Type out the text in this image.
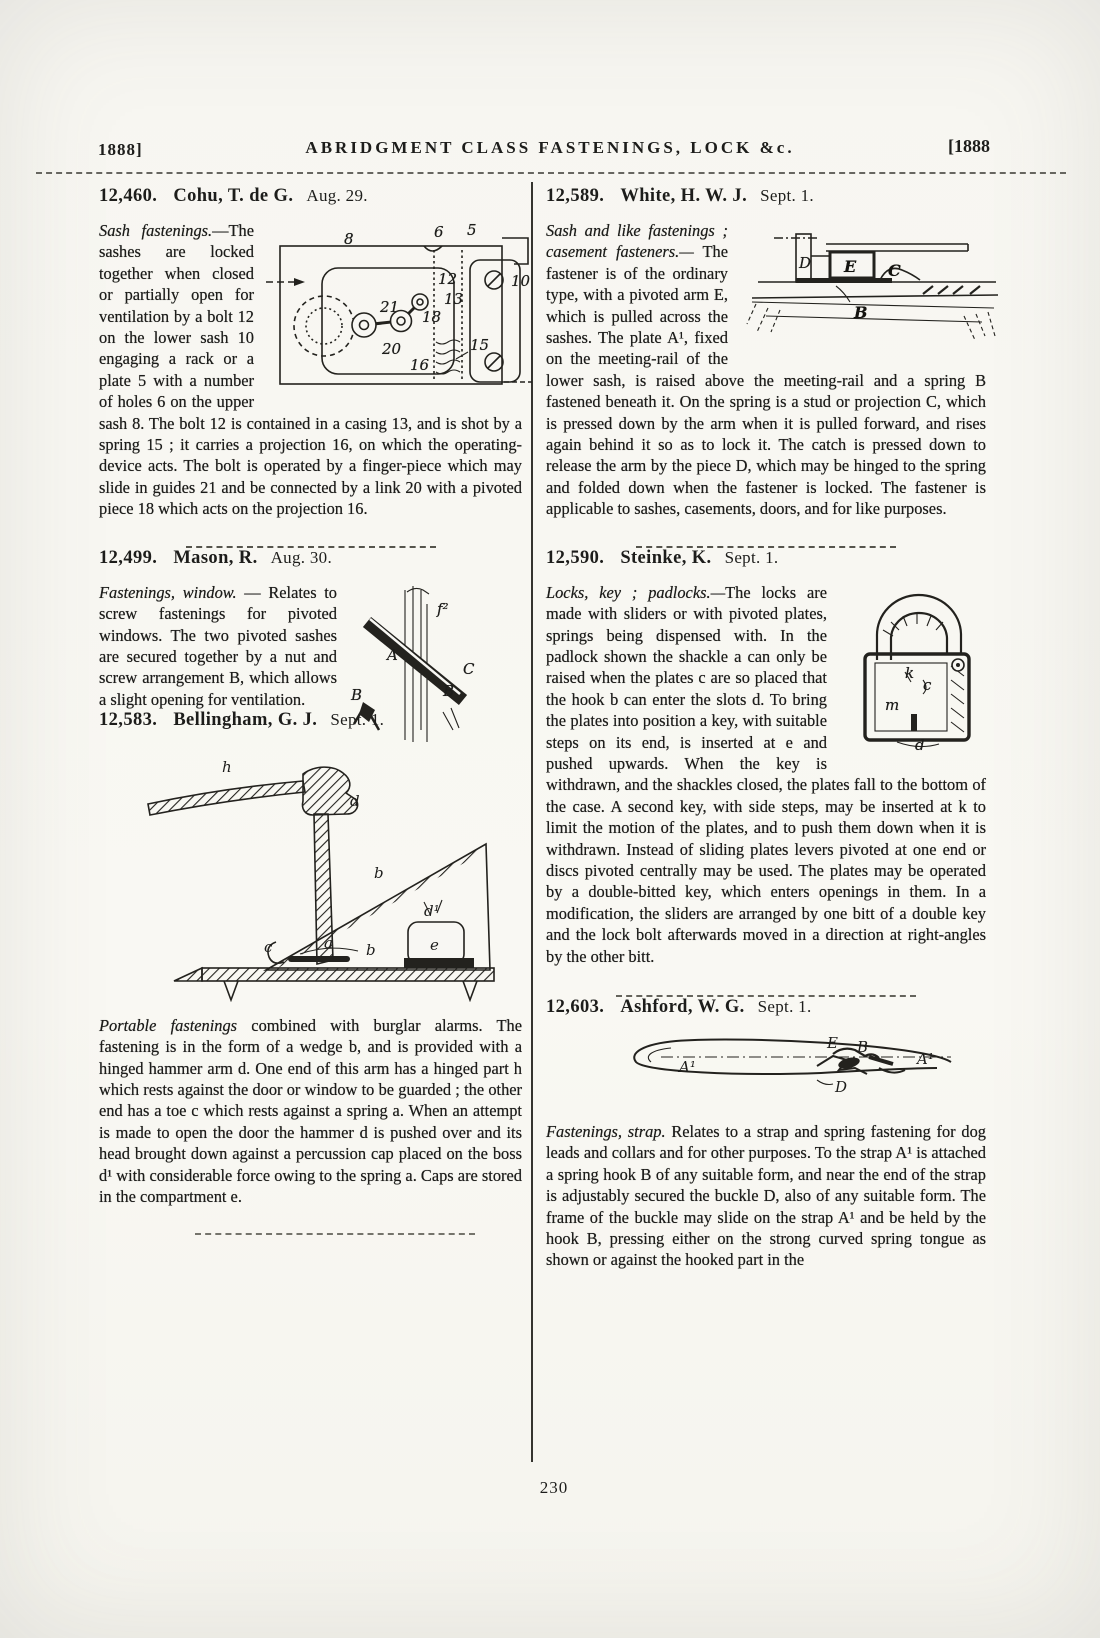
1888]	ABRIDGMENT CLASS FASTENINGS, LOCK &c.	[1888
12,460. Cohu, T. de G. Aug. 29.

8	6 5
12
13
10
21
18
20
16
15
Sash fastenings.—The sashes are locked together when closed or partially open for ventilation by a bolt 12 on the lower sash 10 engaging a rack or a plate 5 with a number of holes 6 on the upper sash 8. The bolt 12 is contained in a casing 13, and is shot by a spring 15 ; it carries a projection 16, on which the operating-device acts. The bolt is operated by a finger-piece which may slide in guides 21 and be connected by a link 20 with a pivoted piece 18 which acts on the projection 16.

12,499. Mason, R. Aug. 30.

f²
A
C
B
B
Fastenings, window. — Relates to screw fastenings for pivoted windows. The two pivoted sashes are secured together by a nut and screw arrangement B, which allows a slight opening for ventilation.

12,583. Bellingham, G. J. Sept. 1.
h
d
b
c	a b
d¹
e

Portable fastenings combined with burglar alarms. The fastening is in the form of a wedge b, and is provided with a hinged hammer arm d. One end of this arm has a hinged part h which rests against the door or window to be guarded ; the other end has a toe c which rests against a spring a. When an attempt is made to open the door the hammer d is pushed over and its head brought down against a percussion cap placed on the boss d¹ with considerable force owing to the spring a. Caps are stored in the compartment e.

12,589. White, H. W. J. Sept. 1.

D E C
B
Sash and like fastenings ; casement fasteners.— The fastener is of the ordinary type, with a pivoted arm E, which is pulled across the sashes. The plate A¹, fixed on the meeting-rail of the lower sash, is raised above the meeting-rail and a spring B fastened beneath it. On the spring is a stud or projection C, which is pressed down by the arm when it is pulled forward, and rises again behind it so as to lock it. The catch is pressed down to release the arm by the piece D, which may be hinged to the spring and folded down when the fastener is locked. The fastener is applicable to sashes, casements, doors, and for like purposes.

12,590. Steinke, K. Sept. 1.

k
c
m
d
Locks, key ; padlocks.—The locks are made with sliders or with pivoted plates, springs being dispensed with. In the padlock shown the shackle a can only be raised when the plates c are so placed that the hook b can enter the slots d. To bring the plates into position a key, with suitable steps on its end, is inserted at e and pushed upwards. When the key is withdrawn, and the shackles closed, the plates fall to the bottom of the case. A second key, with side steps, may be inserted at k to limit the motion of the plates, and to push them down when it is withdrawn. Instead of sliding plates levers pivoted at one end or discs pivoted centrally may be used. The plates may be operated by a double-bitted key, which enters openings in them. In a modification, the sliders are arranged by one bitt of a double key and the lock bolt afterwards moved in a direction at right-angles by the other bitt.

12,603. Ashford, W. G. Sept. 1.
A¹
E B
A¹
D

Fastenings, strap. Relates to a strap and spring fastening for dog leads and collars and for other purposes. To the strap A¹ is attached a spring hook B of any suitable form, and near the end of the strap is adjustably secured the buckle D, also of any suitable form. The frame of the buckle may slide on the strap A¹ and be held by the hook B, pressing either on the strong curved spring tongue as shown or against the hooked part in the

230
